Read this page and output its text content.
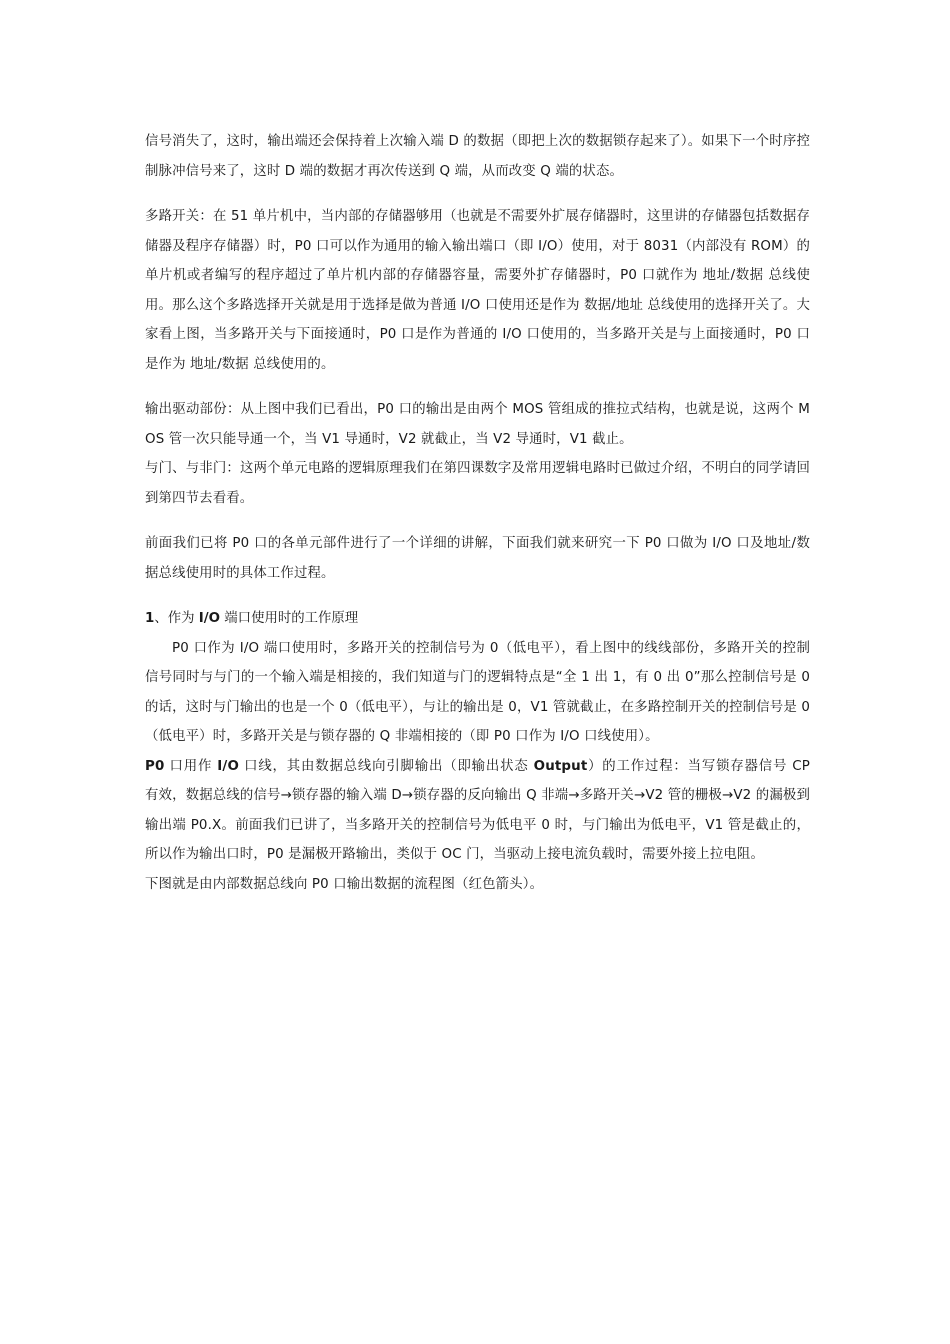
信号消失了，这时，输出端还会保持着上次输入端 D 的数据（即把上次的数据锁存起来了）。如果下一个时序控制脉冲信号来了，这时 D 端的数据才再次传送到 Q 端，从而改变 Q 端的状态。

多路开关：在 51 单片机中，当内部的存储器够用（也就是不需要外扩展存储器时，这里讲的存储器包括数据存储器及程序存储器）时，P0 口可以作为通用的输入输出端口（即 I/O）使用，对于 8031（内部没有 ROM）的单片机或者编写的程序超过了单片机内部的存储器容量，需要外扩存储器时，P0 口就作为 地址/数据 总线使用。那么这个多路选择开关就是用于选择是做为普通 I/O 口使用还是作为 数据/地址 总线使用的选择开关了。大家看上图，当多路开关与下面接通时，P0 口是作为普通的 I/O 口使用的，当多路开关是与上面接通时，P0 口是作为 地址/数据 总线使用的。

输出驱动部份：从上图中我们已看出，P0 口的输出是由两个 MOS 管组成的推拉式结构，也就是说，这两个 MOS 管一次只能导通一个，当 V1 导通时，V2 就截止，当 V2 导通时，V1 截止。

与门、与非门：这两个单元电路的逻辑原理我们在第四课数字及常用逻辑电路时已做过介绍，不明白的同学请回到第四节去看看。

前面我们已将 P0 口的各单元部件进行了一个详细的讲解，下面我们就来研究一下 P0 口做为 I/O 口及地址/数据总线使用时的具体工作过程。

1、作为 I/O 端口使用时的工作原理

P0 口作为 I/O 端口使用时，多路开关的控制信号为 0（低电平），看上图中的线线部份，多路开关的控制信号同时与与门的一个输入端是相接的，我们知道与门的逻辑特点是“全 1 出 1，有 0 出 0”那么控制信号是 0 的话，这时与门输出的也是一个 0（低电平），与让的输出是 0，V1 管就截止，在多路控制开关的控制信号是 0（低电平）时，多路开关是与锁存器的 Q 非端相接的（即 P0 口作为 I/O 口线使用）。

P0 口用作 I/O 口线，其由数据总线向引脚输出（即输出状态 Output）的工作过程：当写锁存器信号 CP　　有效，数据总线的信号→锁存器的输入端 D→锁存器的反向输出 Q 非端→多路开关→V2 管的栅极→V2 的漏极到输出端 P0.X。前面我们已讲了，当多路开关的控制信号为低电平 0 时，与门输出为低电平，V1 管是截止的，所以作为输出口时，P0 是漏极开路输出，类似于 OC 门，当驱动上接电流负载时，需要外接上拉电阻。

下图就是由内部数据总线向 P0 口输出数据的流程图（红色箭头）。
